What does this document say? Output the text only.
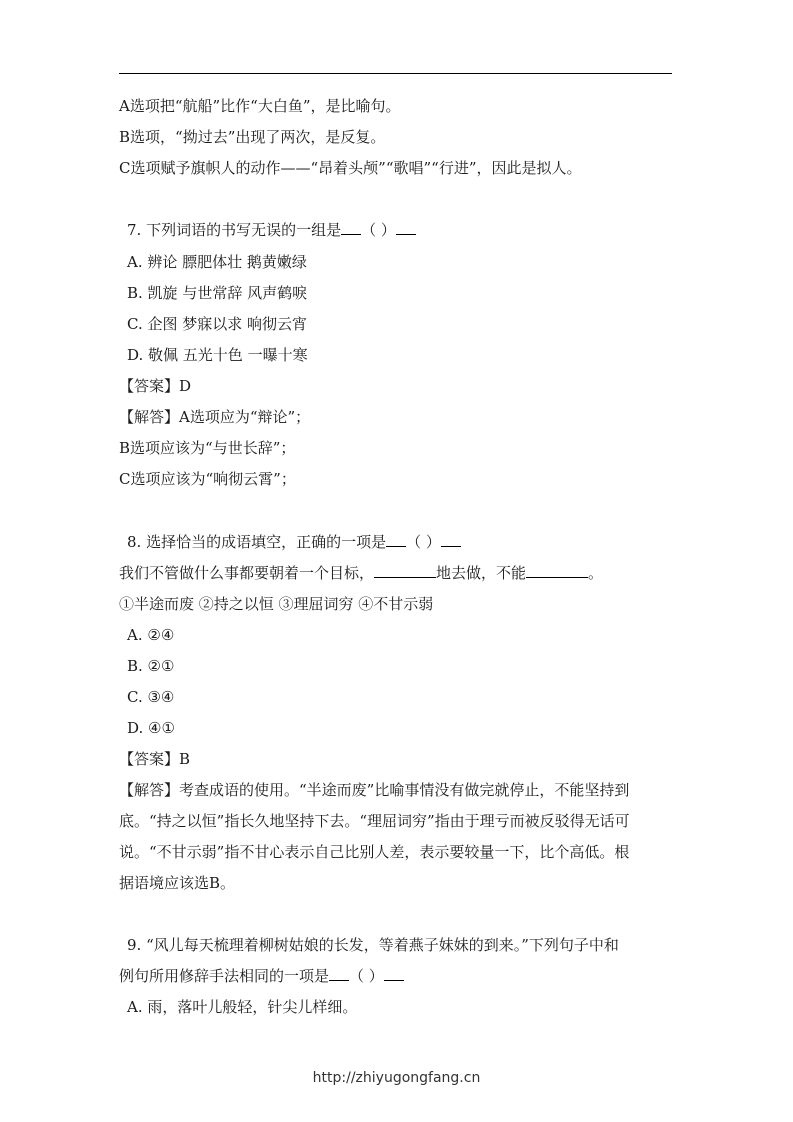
A选项把“航船”比作“大白鱼”，是比喻句。
B选项，“拗过去”出现了两次，是反复。
C选项赋予旗帜人的动作——“昂着头颅”“歌唱”“行进”，因此是拟人。
7. 下列词语的书写无误的一组是 （ ）
A. 辨论 膘肥体壮 鹅黄嫩绿
B. 凯旋 与世常辞 风声鹤唳
C. 企图 梦寐以求 响彻云宵
D. 敬佩 五光十色 一曝十寒
【答案】D
【解答】A选项应为“辩论”；
B选项应该为“与世长辞”；
C选项应该为“响彻云霄”；
8. 选择恰当的成语填空，正确的一项是 （ ）
我们不管做什么事都要朝着一个目标，	地去做，不能	。
①半途而废 ②持之以恒 ③理屈词穷 ④不甘示弱
A. ②④
B. ②①
C. ③④
D. ④①
【答案】B
【解答】考查成语的使用。“半途而废”比喻事情没有做完就停止，不能坚持到
底。“持之以恒”指长久地坚持下去。“理屈词穷”指由于理亏而被反驳得无话可
说。“不甘示弱”指不甘心表示自己比别人差，表示要较量一下，比个高低。根
据语境应该选B。
9. “风儿每天梳理着柳树姑娘的长发，等着燕子妹妹的到来。”下列句子中和
例句所用修辞手法相同的一项是 （ ）
A. 雨，落叶儿般轻，针尖儿样细。
http://zhiyugongfang.cn
